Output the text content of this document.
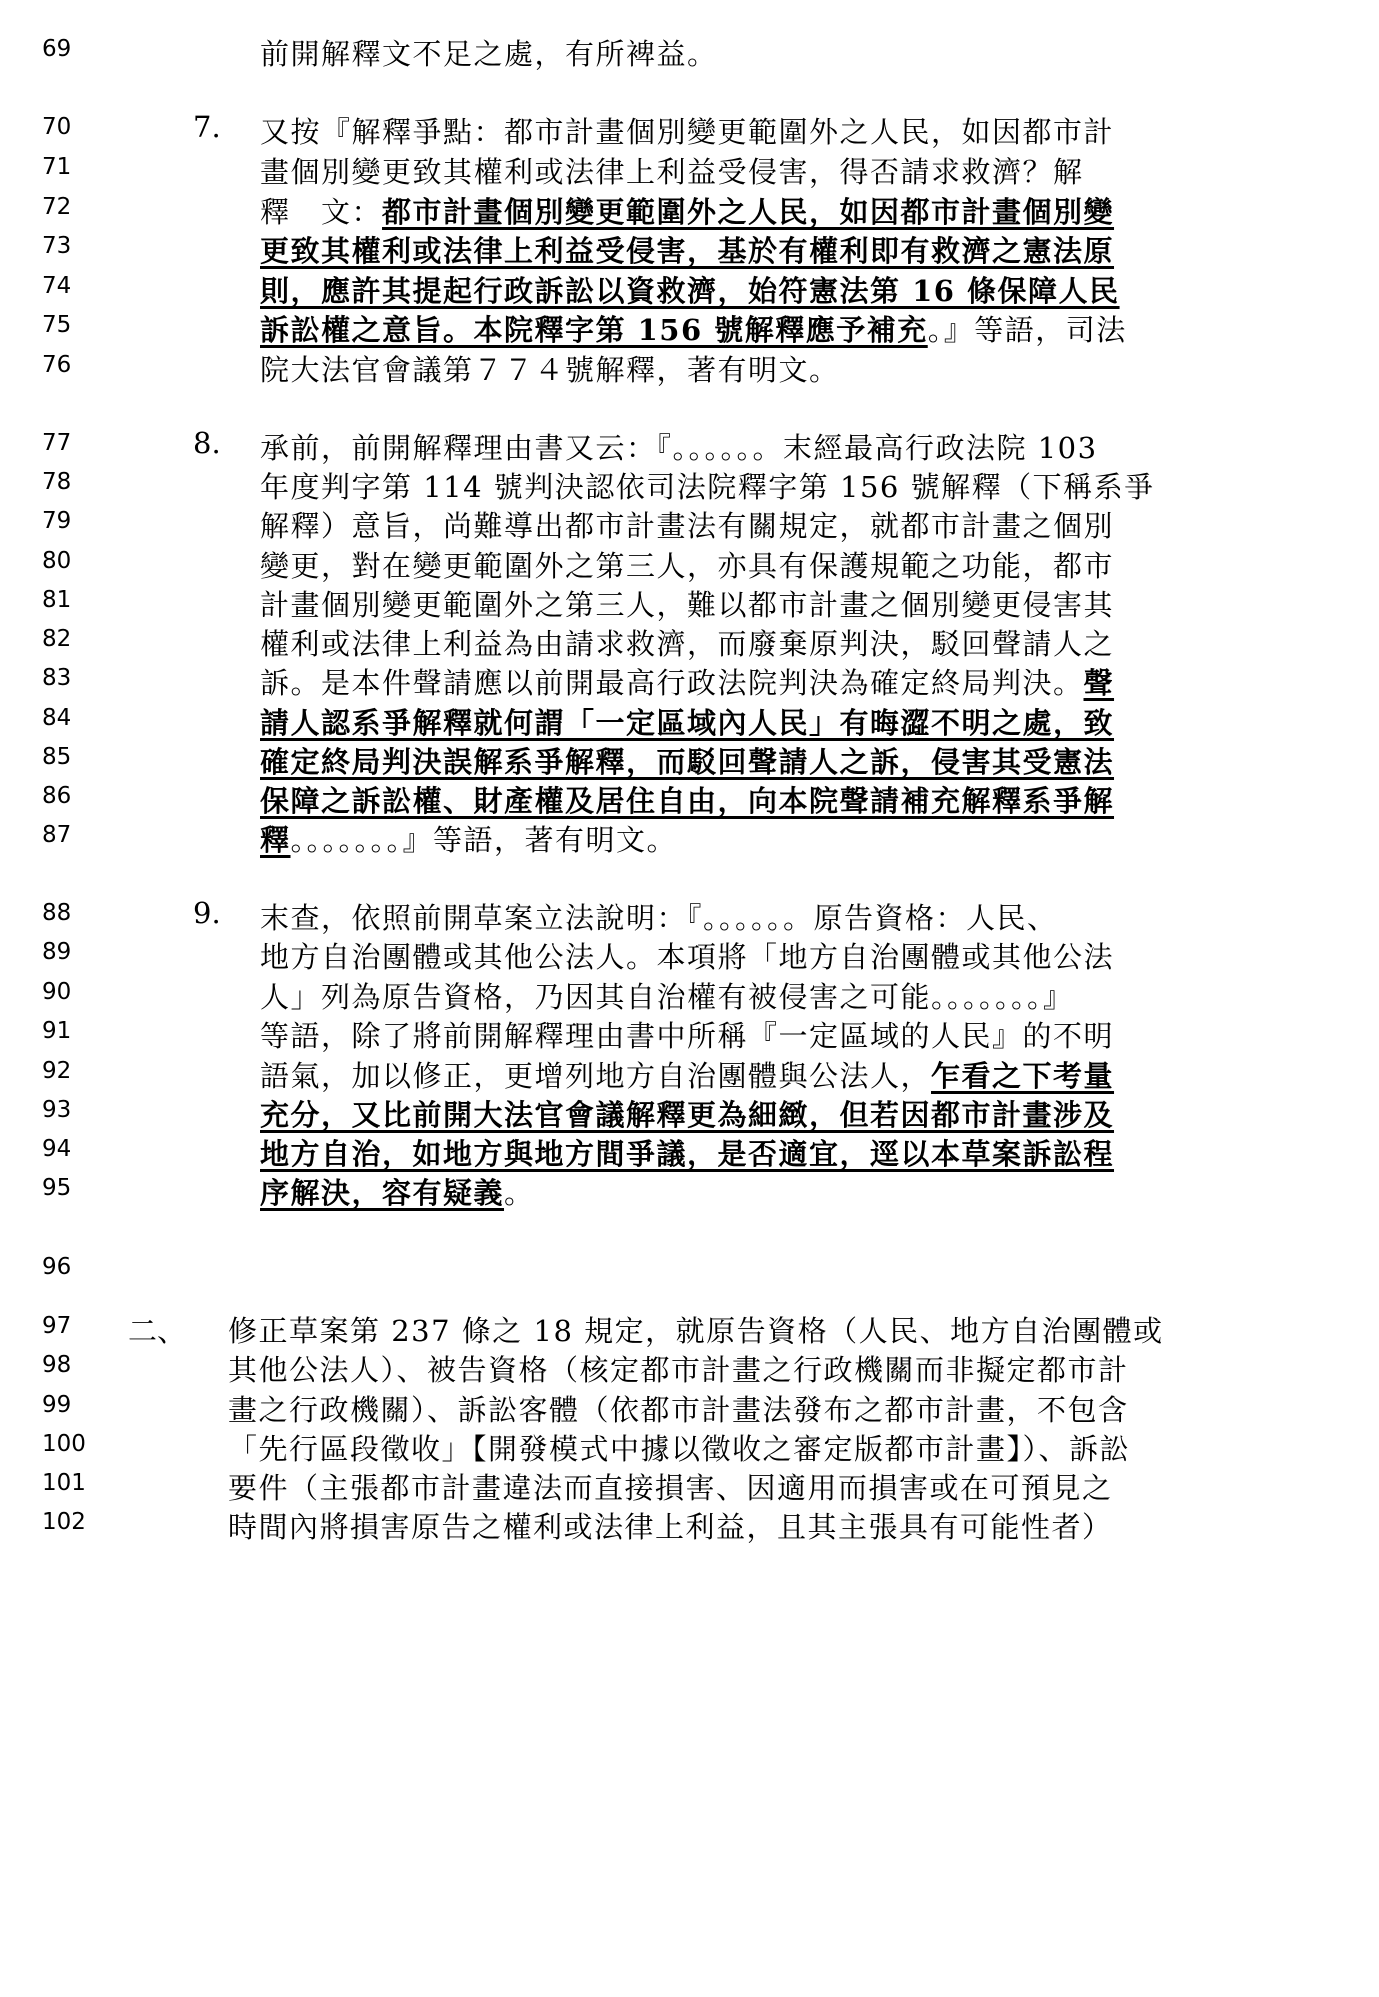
69	前開解釋文不足之處，有所裨益。
70	7. 又按『解釋爭點：都市計畫個別變更範圍外之人民，如因都市計
71	畫個別變更致其權利或法律上利益受侵害，得否請求救濟？解
72	釋　文：都市計畫個別變更範圍外之人民，如因都市計畫個別變
73	更致其權利或法律上利益受侵害，基於有權利即有救濟之憲法原
74	則，應許其提起行政訴訟以資救濟，始符憲法第 16 條保障人民
75	訴訟權之意旨。本院釋字第 156 號解釋應予補充。』等語，司法
76	院大法官會議第７７４號解釋，著有明文。
77	8. 承前，前開解釋理由書又云：『。。。。。。末經最高行政法院 103
78	年度判字第 114 號判決認依司法院釋字第 156 號解釋（下稱系爭
79	解釋）意旨，尚難導出都市計畫法有關規定，就都市計畫之個別
80	變更，對在變更範圍外之第三人，亦具有保護規範之功能，都市
81	計畫個別變更範圍外之第三人，難以都市計畫之個別變更侵害其
82	權利或法律上利益為由請求救濟，而廢棄原判決，駁回聲請人之
83	訴。是本件聲請應以前開最高行政法院判決為確定終局判決。聲
84	請人認系爭解釋就何謂「一定區域內人民」有晦澀不明之處，致
85	確定終局判決誤解系爭解釋，而駁回聲請人之訴，侵害其受憲法
86	保障之訴訟權、財產權及居住自由，向本院聲請補充解釋系爭解
87	釋。。。。。。。』等語，著有明文。
88	9. 末查，依照前開草案立法說明：『。。。。。。原告資格：人民、
89	地方自治團體或其他公法人。本項將「地方自治團體或其他公法
90	人」列為原告資格，乃因其自治權有被侵害之可能。。。。。。。』
91	等語，除了將前開解釋理由書中所稱『一定區域的人民』的不明
92	語氣，加以修正，更增列地方自治團體與公法人，乍看之下考量
93	充分，又比前開大法官會議解釋更為細緻，但若因都市計畫涉及
94	地方自治，如地方與地方間爭議，是否適宜，逕以本草案訴訟程
95	序解決，容有疑義。
96
97 二、 修正草案第 237 條之 18 規定，就原告資格（人民、地方自治團體或
98	其他公法人）、被告資格（核定都市計畫之行政機關而非擬定都市計
99	畫之行政機關）、訴訟客體（依都市計畫法發布之都市計畫，不包含
100	「先行區段徵收」【開發模式中據以徵收之審定版都市計畫】）、訴訟
101	要件（主張都市計畫違法而直接損害、因適用而損害或在可預見之
102	時間內將損害原告之權利或法律上利益，且其主張具有可能性者）
